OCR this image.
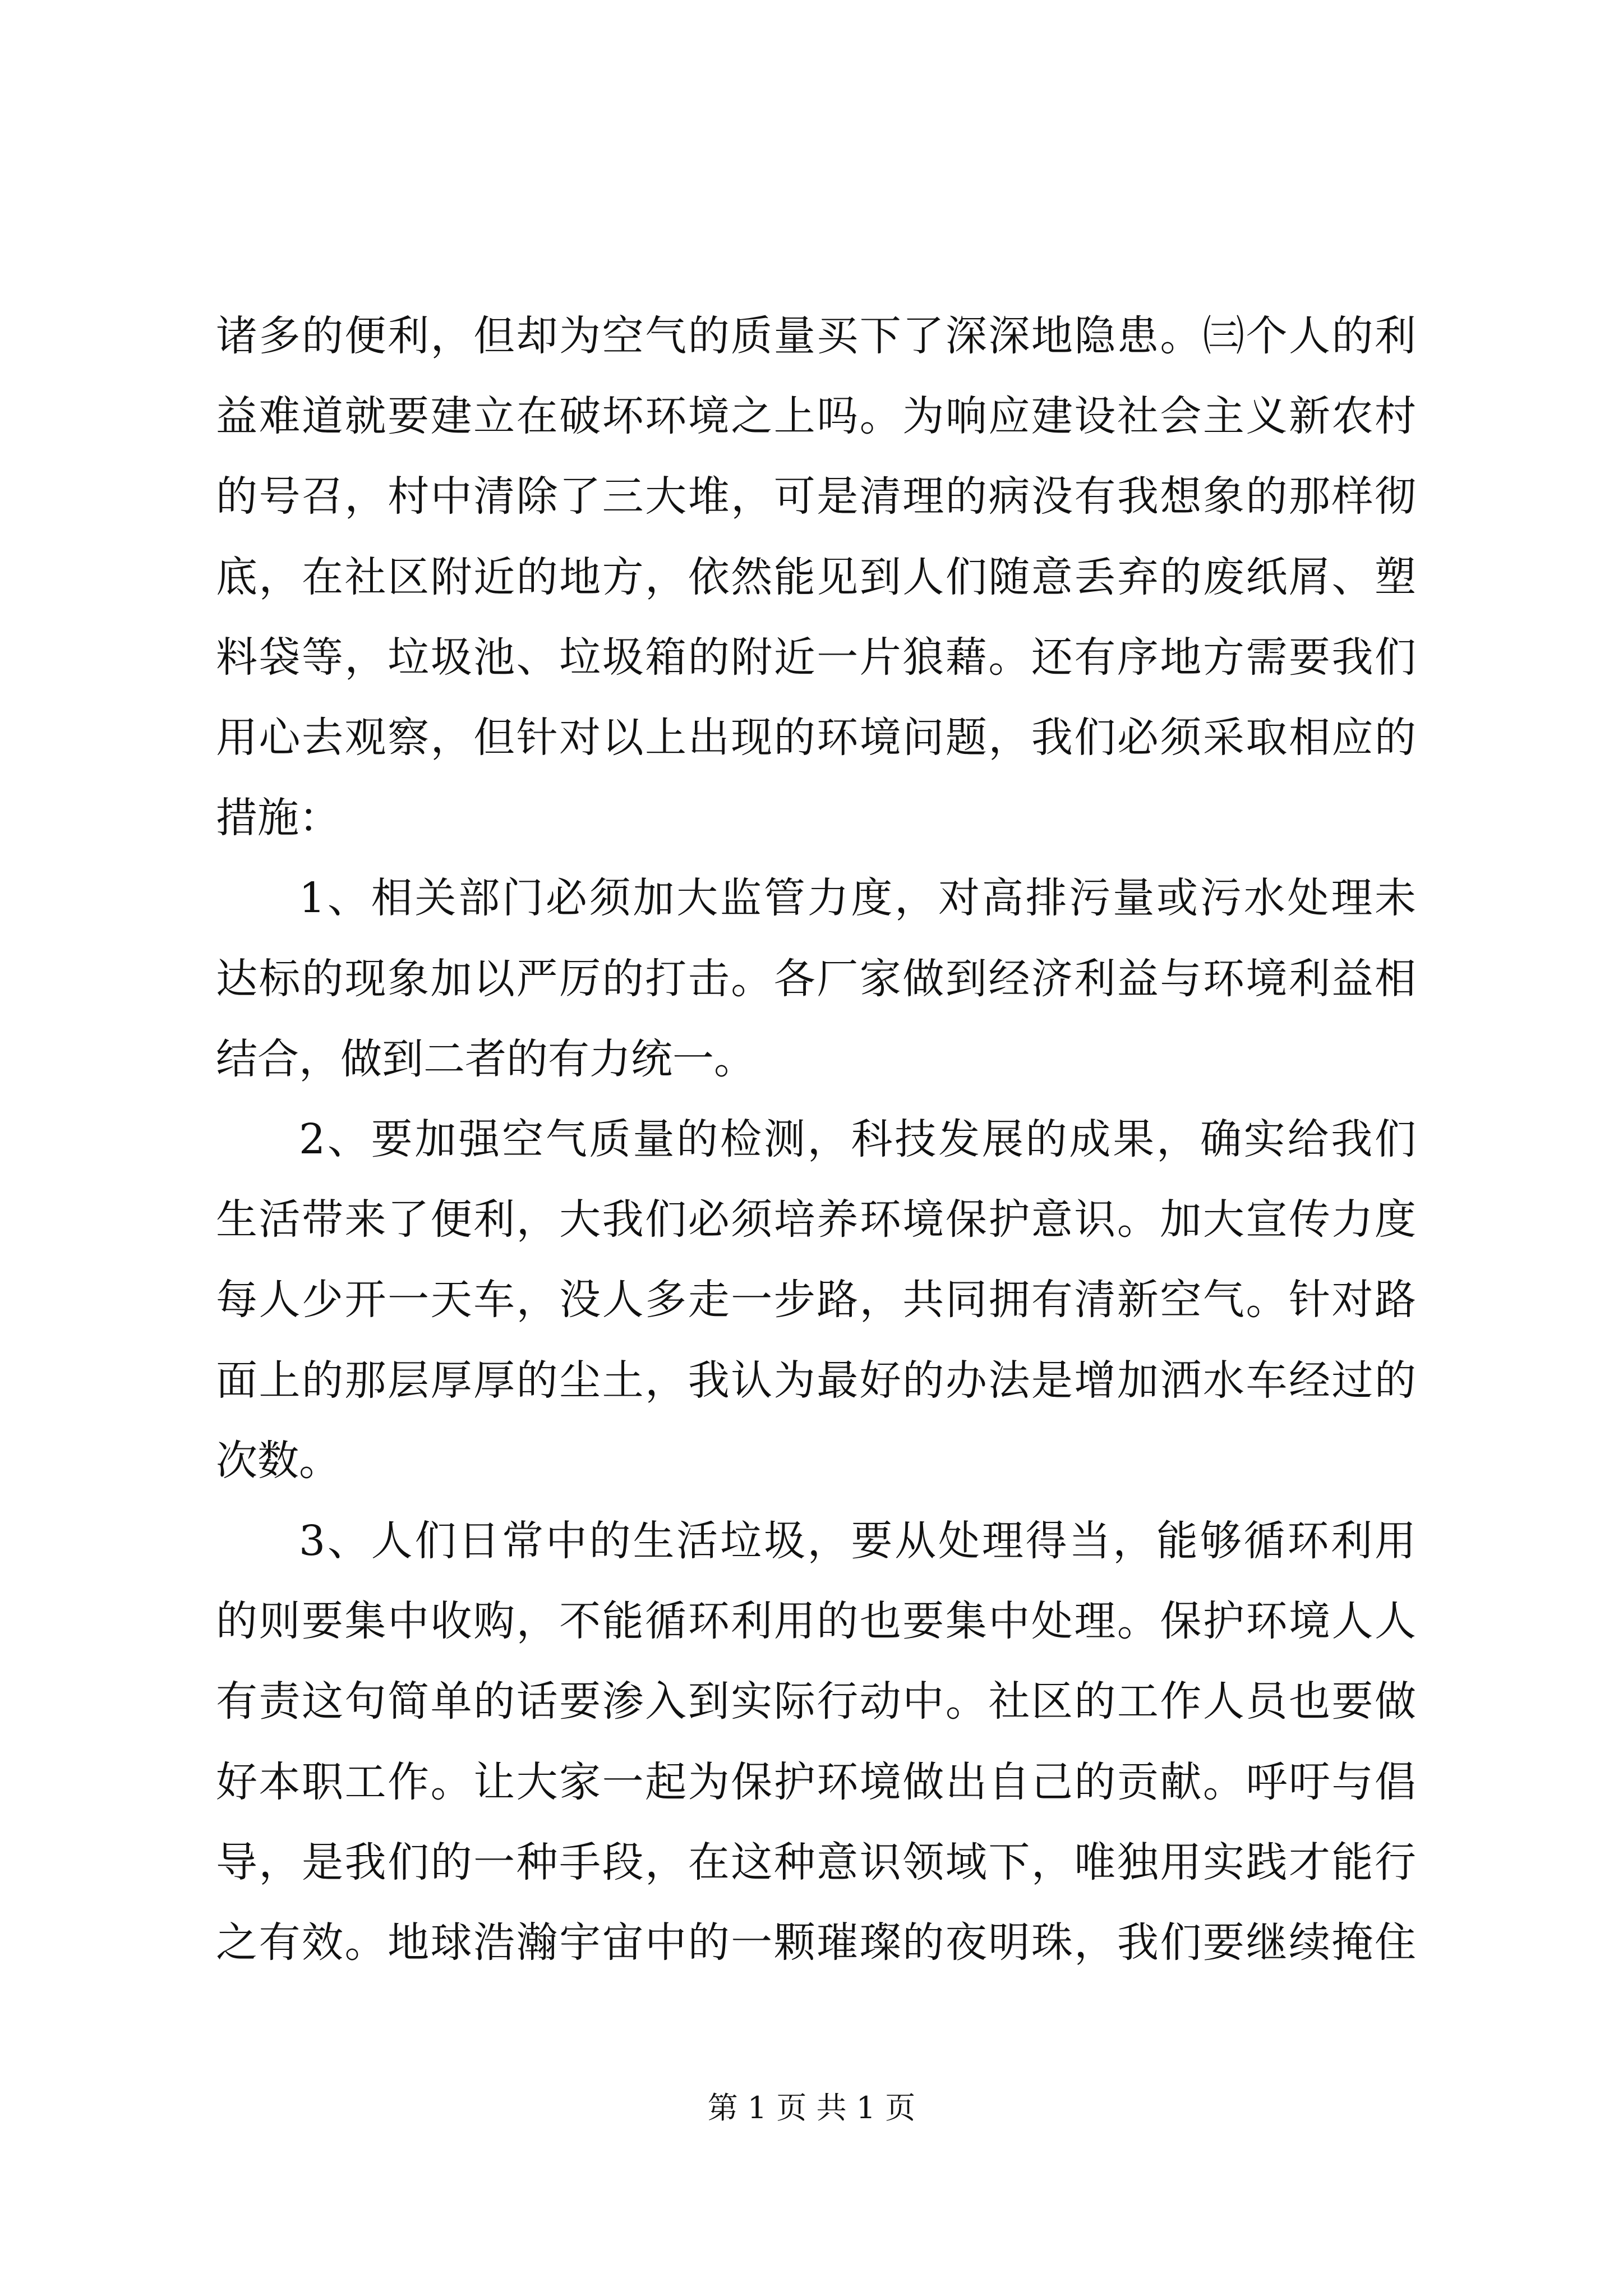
诸多的便利，但却为空气的质量买下了深深地隐患。㈢个人的利
益难道就要建立在破坏环境之上吗。为响应建设社会主义新农村
的号召，村中清除了三大堆，可是清理的病没有我想象的那样彻
底，在社区附近的地方，依然能见到人们随意丢弃的废纸屑、塑
料袋等，垃圾池、垃圾箱的附近一片狼藉。还有序地方需要我们
用心去观察，但针对以上出现的环境问题，我们必须采取相应的
措施：
1、相关部门必须加大监管力度，对高排污量或污水处理未
达标的现象加以严厉的打击。各厂家做到经济利益与环境利益相
结合，做到二者的有力统一。
2、要加强空气质量的检测，科技发展的成果，确实给我们
生活带来了便利，大我们必须培养环境保护意识。加大宣传力度
每人少开一天车，没人多走一步路，共同拥有清新空气。针对路
面上的那层厚厚的尘土，我认为最好的办法是增加洒水车经过的
次数。
3、人们日常中的生活垃圾，要从处理得当，能够循环利用
的则要集中收购，不能循环利用的也要集中处理。保护环境人人
有责这句简单的话要渗入到实际行动中。社区的工作人员也要做
好本职工作。让大家一起为保护环境做出自己的贡献。呼吁与倡
导，是我们的一种手段，在这种意识领域下，唯独用实践才能行
之有效。地球浩瀚宇宙中的一颗璀璨的夜明珠，我们要继续掩住
第 1 页 共 1 页
